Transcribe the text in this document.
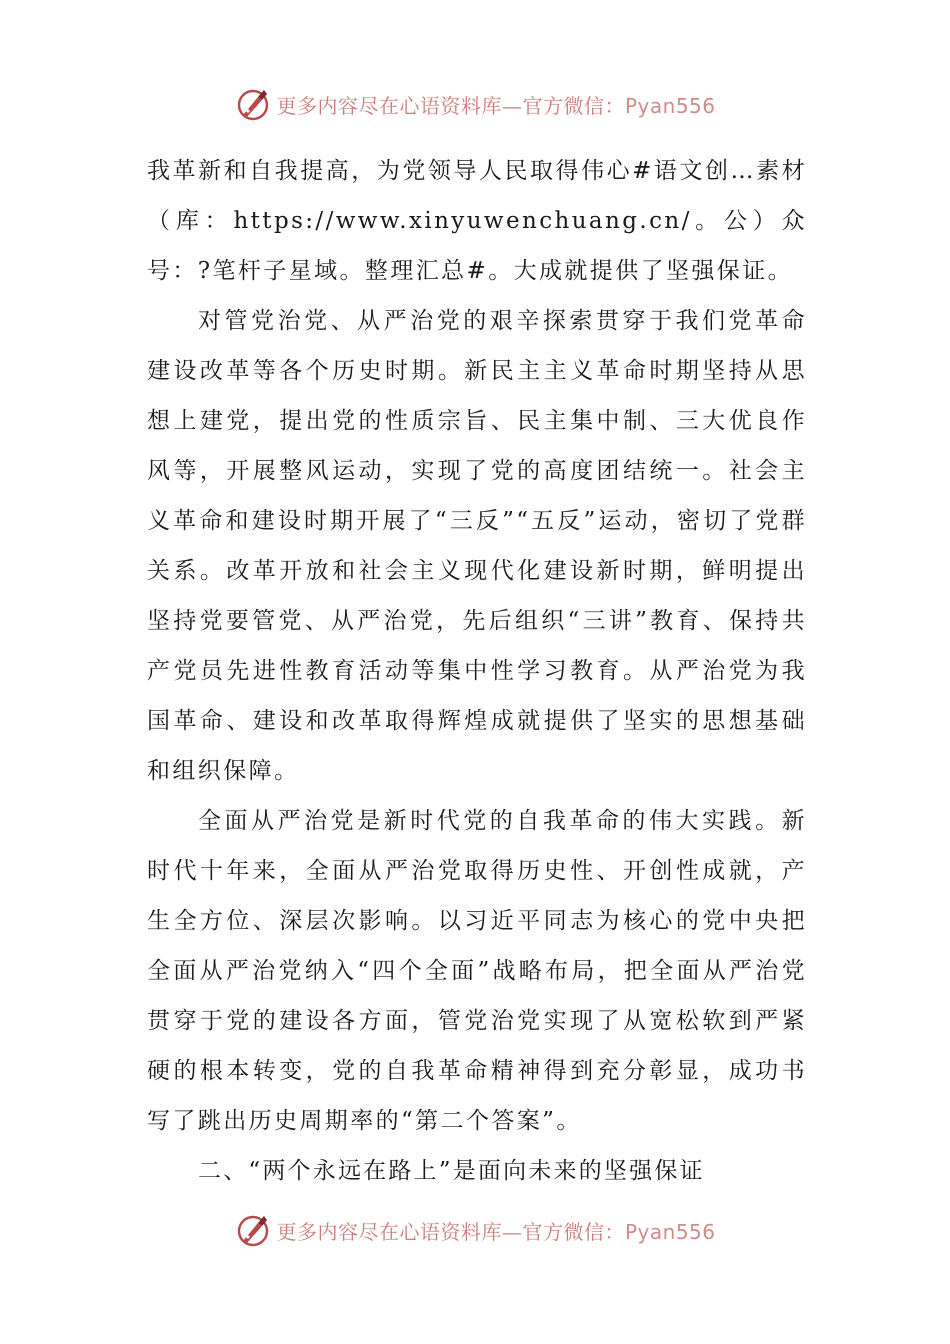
更多内容尽在心语资料库—官方微信：Pyan556

我革新和自我提高，为党领导人民取得伟心#语文创…素材（库：https://www.xinyuwenchuang.cn/。公）众号：?笔杆子星域。整理汇总#。大成就提供了坚强保证。

对管党治党、从严治党的艰辛探索贯穿于我们党革命建设改革等各个历史时期。新民主主义革命时期坚持从思想上建党，提出党的性质宗旨、民主集中制、三大优良作风等，开展整风运动，实现了党的高度团结统一。社会主义革命和建设时期开展了“三反”“五反”运动，密切了党群关系。改革开放和社会主义现代化建设新时期，鲜明提出坚持党要管党、从严治党，先后组织“三讲”教育、保持共产党员先进性教育活动等集中性学习教育。从严治党为我国革命、建设和改革取得辉煌成就提供了坚实的思想基础和组织保障。

全面从严治党是新时代党的自我革命的伟大实践。新时代十年来，全面从严治党取得历史性、开创性成就，产生全方位、深层次影响。以习近平同志为核心的党中央把全面从严治党纳入“四个全面”战略布局，把全面从严治党贯穿于党的建设各方面，管党治党实现了从宽松软到严紧硬的根本转变，党的自我革命精神得到充分彰显，成功书写了跳出历史周期率的“第二个答案”。

二、“两个永远在路上”是面向未来的坚强保证

更多内容尽在心语资料库—官方微信：Pyan556
